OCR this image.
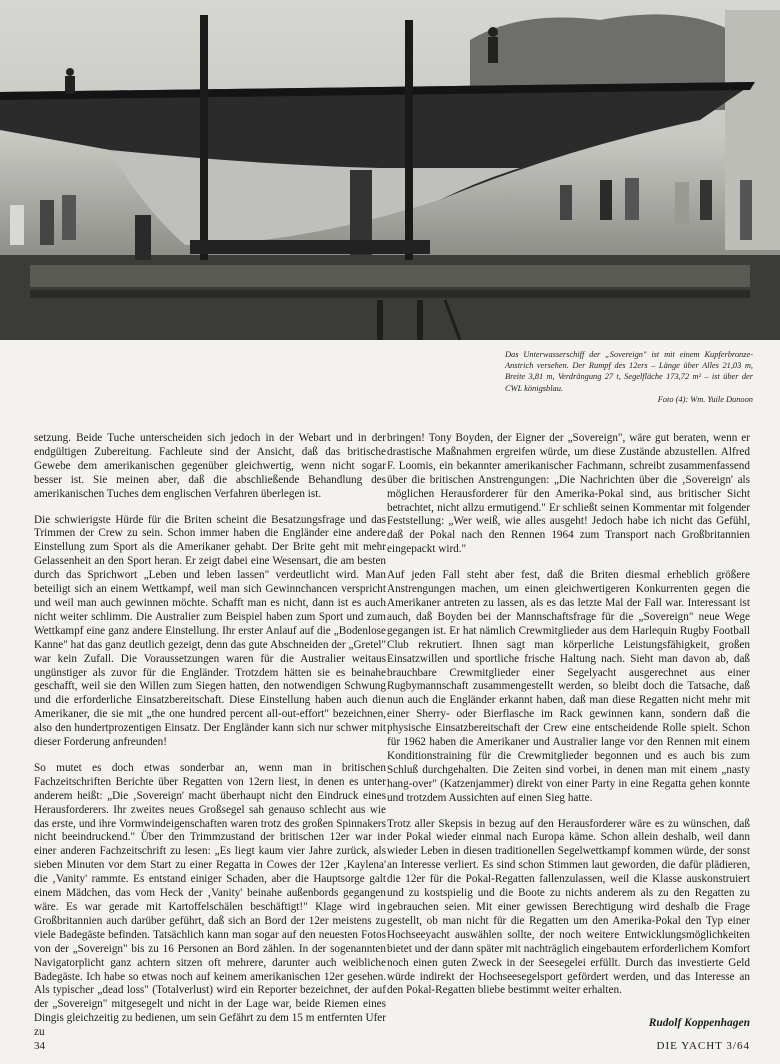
Das Unterwasserschiff der „Sovereign" ist mit einem Kupferbronze-Anstrich versehen. Der Rumpf des 12ers – Länge über Alles 21,03 m, Breite 3,81 m, Verdrängung 27 t, Segelfläche 173,72 m² – ist über der CWL königsblau.
Foto (4): Wm. Yuile Dunoon

setzung. Beide Tuche unterscheiden sich jedoch in der Webart und in der endgültigen Zubereitung. Fachleute sind der Ansicht, daß das britische Gewebe dem amerikanischen gegenüber gleichwertig, wenn nicht sogar besser ist. Sie meinen aber, daß die abschließende Behandlung des amerikanischen Tuches dem englischen Verfahren überlegen ist.

Die schwierigste Hürde für die Briten scheint die Besatzungsfrage und das Trimmen der Crew zu sein. Schon immer haben die Engländer eine andere Einstellung zum Sport als die Amerikaner gehabt. Der Brite geht mit mehr Gelassenheit an den Sport heran. Er zeigt dabei eine Wesensart, die am besten durch das Sprichwort „Leben und leben lassen" verdeutlicht wird. Man beteiligt sich an einem Wettkampf, weil man sich Gewinnchancen verspricht und weil man auch gewinnen möchte. Schafft man es nicht, dann ist es auch nicht weiter schlimm. Die Australier zum Beispiel haben zum Sport und zum Wettkampf eine ganz andere Einstellung. Ihr erster Anlauf auf die „Bodenlose Kanne" hat das ganz deutlich gezeigt, denn das gute Abschneiden der „Gretel" war kein Zufall. Die Voraussetzungen waren für die Australier weitaus ungünstiger als zuvor für die Engländer. Trotzdem hätten sie es beinahe geschafft, weil sie den Willen zum Siegen hatten, den notwendigen Schwung und die erforderliche Einsatzbereitschaft. Diese Einstellung haben auch die Amerikaner, die sie mit „the one hundred percent all-out-effort" bezeichnen, also den hundertprozentigen Einsatz. Der Engländer kann sich nur schwer mit dieser Forderung anfreunden!

So mutet es doch etwas sonderbar an, wenn man in britischen Fachzeitschriften Berichte über Regatten von 12ern liest, in denen es unter anderem heißt: „Die ‚Sovereign' macht überhaupt nicht den Eindruck eines Herausforderers. Ihr zweites neues Großsegel sah genauso schlecht aus wie das erste, und ihre Vormwindeigenschaften waren trotz des großen Spinnakers nicht beeindruckend." Über den Trimmzustand der britischen 12er war in einer anderen Fachzeitschrift zu lesen: „Es liegt kaum vier Jahre zurück, als sieben Minuten vor dem Start zu einer Regatta in Cowes der 12er ‚Kaylena' die ‚Vanity' rammte. Es entstand einiger Schaden, aber die Hauptsorge galt einem Mädchen, das vom Heck der ‚Vanity' beinahe außenbords gegangen wäre. Es war gerade mit Kartoffelschälen beschäftigt!" Klage wird in Großbritannien auch darüber geführt, daß sich an Bord der 12er meistens zu viele Badegäste befinden. Tatsächlich kann man sogar auf den neuesten Fotos von der „Sovereign" bis zu 16 Personen an Bord zählen. In der sogenannten Navigatorplicht ganz achtern sitzen oft mehrere, darunter auch weibliche Badegäste. Ich habe so etwas noch auf keinem amerikanischen 12er gesehen. Als typischer „dead loss" (Totalverlust) wird ein Reporter bezeichnet, der auf der „Sovereign" mitgesegelt und nicht in der Lage war, beide Riemen eines Dingis gleichzeitig zu bedienen, um sein Gefährt zu dem 15 m entfernten Ufer zu

bringen! Tony Boyden, der Eigner der „Sovereign", wäre gut beraten, wenn er drastische Maßnahmen ergreifen würde, um diese Zustände abzustellen. Alfred F. Loomis, ein bekannter amerikanischer Fachmann, schreibt zusammenfassend über die britischen Anstrengungen: „Die Nachrichten über die ‚Sovereign' als möglichen Herausforderer für den Amerika-Pokal sind, aus britischer Sicht betrachtet, nicht allzu ermutigend." Er schließt seinen Kommentar mit folgender Feststellung: „Wer weiß, wie alles ausgeht! Jedoch habe ich nicht das Gefühl, daß der Pokal nach den Rennen 1964 zum Transport nach Großbritannien eingepackt wird."

Auf jeden Fall steht aber fest, daß die Briten diesmal erheblich größere Anstrengungen machen, um einen gleichwertigeren Konkurrenten gegen die Amerikaner antreten zu lassen, als es das letzte Mal der Fall war. Interessant ist auch, daß Boyden bei der Mannschaftsfrage für die „Sovereign" neue Wege gegangen ist. Er hat nämlich Crewmitglieder aus dem Harlequin Rugby Football Club rekrutiert. Ihnen sagt man körperliche Leistungsfähigkeit, großen Einsatzwillen und sportliche frische Haltung nach. Sieht man davon ab, daß brauchbare Crewmitglieder einer Segelyacht ausgerechnet aus einer Rugbymannschaft zusammengestellt werden, so bleibt doch die Tatsache, daß nun auch die Engländer erkannt haben, daß man diese Regatten nicht mehr mit einer Sherry- oder Bierflasche im Rack gewinnen kann, sondern daß die physische Einsatzbereitschaft der Crew eine entscheidende Rolle spielt. Schon für 1962 haben die Amerikaner und Australier lange vor den Rennen mit einem Konditionstraining für die Crewmitglieder begonnen und es auch bis zum Schluß durchgehalten. Die Zeiten sind vorbei, in denen man mit einem „nasty hang-over" (Katzenjammer) direkt von einer Party in eine Regatta gehen konnte und trotzdem Aussichten auf einen Sieg hatte.

Trotz aller Skepsis in bezug auf den Herausforderer wäre es zu wünschen, daß der Pokal wieder einmal nach Europa käme. Schon allein deshalb, weil dann wieder Leben in diesen traditionellen Segelwettkampf kommen würde, der sonst an Interesse verliert. Es sind schon Stimmen laut geworden, die dafür plädieren, die 12er für die Pokal-Regatten fallenzulassen, weil die Klasse auskonstruiert und zu kostspielig und die Boote zu nichts anderem als zu den Regatten zu gebrauchen seien. Mit einer gewissen Berechtigung wird deshalb die Frage gestellt, ob man nicht für die Regatten um den Amerika-Pokal den Typ einer Hochseeyacht auswählen sollte, der noch weitere Entwicklungsmöglichkeiten bietet und der dann später mit nachträglich eingebautem erforderlichem Komfort noch einen guten Zweck in der Seesegelei erfüllt. Durch das investierte Geld würde indirekt der Hochseesegelsport gefördert werden, und das Interesse an den Pokal-Regatten bliebe bestimmt weiter erhalten.

Rudolf Koppenhagen
34	DIE YACHT 3/64
